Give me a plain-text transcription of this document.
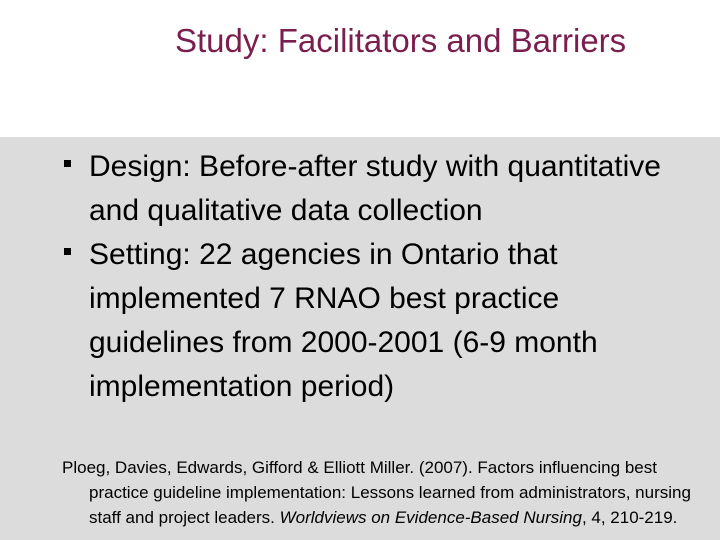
Study: Facilitators and Barriers
Design: Before-after study with quantitative and qualitative data collection
Setting: 22 agencies in Ontario that implemented 7 RNAO best practice guidelines from 2000-2001 (6-9 month implementation period)
Ploeg, Davies, Edwards, Gifford & Elliott Miller. (2007). Factors influencing best practice guideline implementation: Lessons learned from administrators, nursing staff and project leaders. Worldviews on Evidence-Based Nursing, 4, 210-219.
